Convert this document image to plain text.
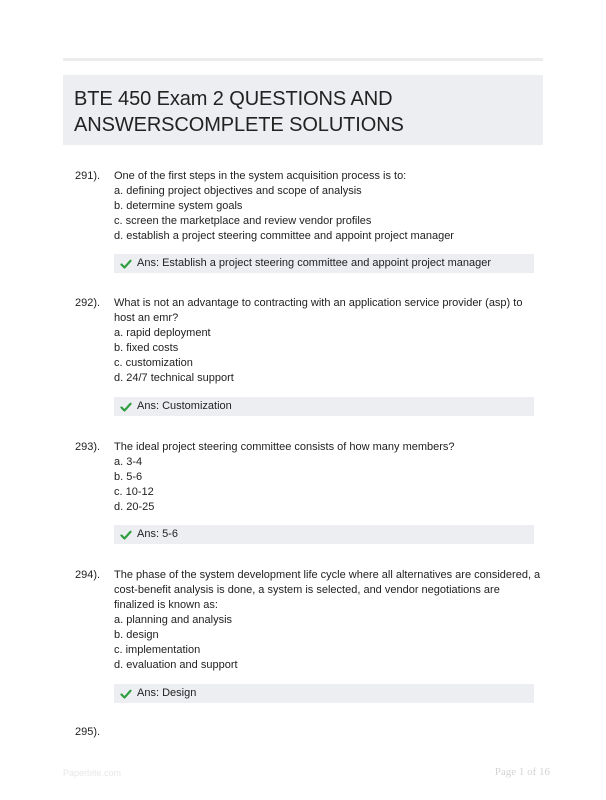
BTE 450 Exam 2 QUESTIONS AND
ANSWERSCOMPLETE SOLUTIONS
291). One of the first steps in the system acquisition process is to:
a. defining project objectives and scope of analysis
b. determine system goals
c. screen the marketplace and review vendor profiles
d. establish a project steering committee and appoint project manager
Ans: Establish a project steering committee and appoint project manager
292). What is not an advantage to contracting with an application service provider (asp) to host an emr?
a. rapid deployment
b. fixed costs
c. customization
d. 24/7 technical support
Ans: Customization
293). The ideal project steering committee consists of how many members?
a. 3-4
b. 5-6
c. 10-12
d. 20-25
Ans: 5-6
294). The phase of the system development life cycle where all alternatives are considered, a cost-benefit analysis is done, a system is selected, and vendor negotiations are finalized is known as:
a. planning and analysis
b. design
c. implementation
d. evaluation and support
Ans: Design
295).
Paperbite.com	Page 1 of 16
